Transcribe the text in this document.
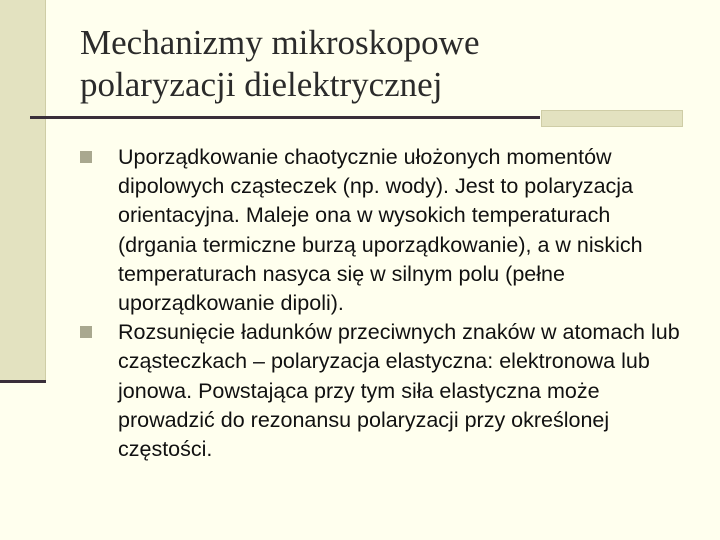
Mechanizmy mikroskopowe
polaryzacji dielektrycznej
Uporządkowanie chaotycznie ułożonych momentów dipolowych cząsteczek (np. wody). Jest to polaryzacja orientacyjna. Maleje ona w wysokich temperaturach (drgania termiczne burzą uporządkowanie), a w niskich temperaturach nasyca się w silnym polu (pełne uporządkowanie dipoli).
Rozsunięcie ładunków przeciwnych znaków w atomach lub cząsteczkach – polaryzacja elastyczna: elektronowa lub jonowa. Powstająca przy tym siła elastyczna może prowadzić do rezonansu polaryzacji przy określonej częstości.
